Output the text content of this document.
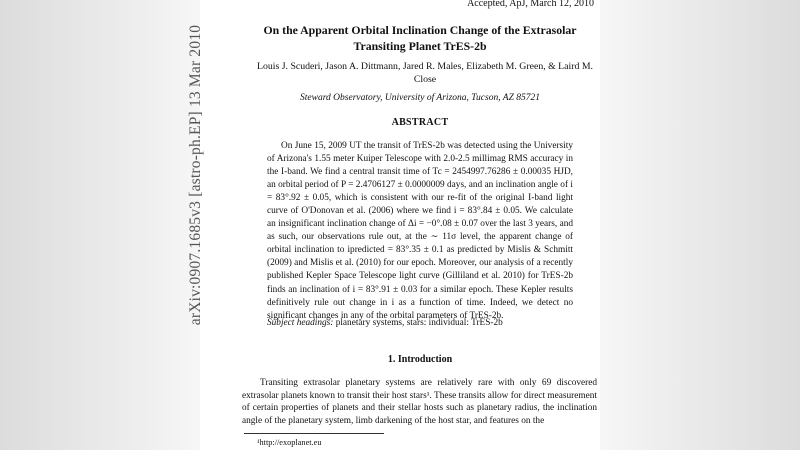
Accepted, ApJ, March 12, 2010
arXiv:0907.1685v3 [astro-ph.EP] 13 Mar 2010	On the Apparent Orbital Inclination Change of the Extrasolar Transiting Planet TrES-2b
Louis J. Scuderi, Jason A. Dittmann, Jared R. Males, Elizabeth M. Green, & Laird M. Close
Steward Observatory, University of Arizona, Tucson, AZ 85721
ABSTRACT

On June 15, 2009 UT the transit of TrES-2b was detected using the University of Arizona's 1.55 meter Kuiper Telescope with 2.0-2.5 millimag RMS accuracy in the I-band. We find a central transit time of Tc = 2454997.76286 ± 0.00035 HJD, an orbital period of P = 2.4706127 ± 0.0000009 days, and an inclination angle of i = 83°.92 ± 0.05, which is consistent with our re-fit of the original I-band light curve of O'Donovan et al. (2006) where we find i = 83°.84 ± 0.05. We calculate an insignificant inclination change of Δi = −0°.08 ± 0.07 over the last 3 years, and as such, our observations rule out, at the ∼ 11σ level, the apparent change of orbital inclination to ipredicted = 83°.35 ± 0.1 as predicted by Mislis & Schmitt (2009) and Mislis et al. (2010) for our epoch. Moreover, our analysis of a recently published Kepler Space Telescope light curve (Gilliland et al. 2010) for TrES-2b finds an inclination of i = 83°.91 ± 0.03 for a similar epoch. These Kepler results definitively rule out change in i as a function of time. Indeed, we detect no significant changes in any of the orbital parameters of TrES-2b.

Subject headings: planetary systems, stars: individual: TrES-2b
1. Introduction

Transiting extrasolar planetary systems are relatively rare with only 69 discovered extrasolar planets known to transit their host stars¹. These transits allow for direct measurement of certain properties of planets and their stellar hosts such as planetary radius, the inclination angle of the planetary system, limb darkening of the host star, and features on the

¹http://exoplanet.eu
